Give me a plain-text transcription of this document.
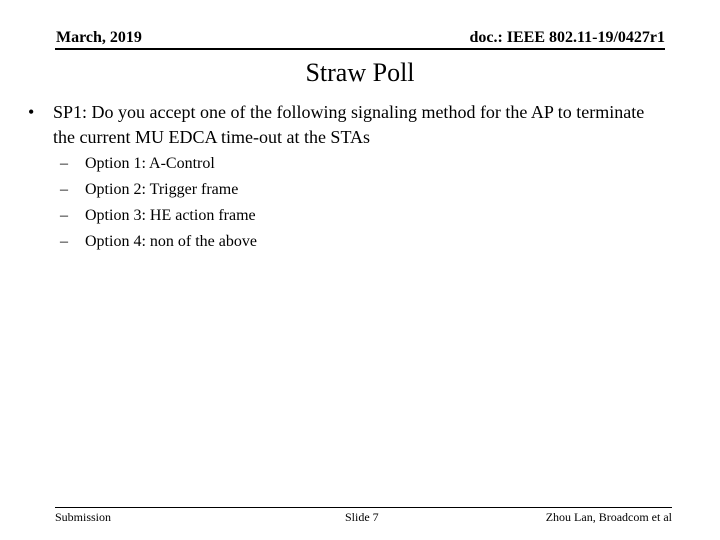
March, 2019	doc.: IEEE 802.11-19/0427r1
Straw Poll
• SP1: Do you accept one of the following signaling method for the AP to terminate the current MU EDCA time-out at the STAs
– Option 1: A-Control
– Option 2: Trigger frame
– Option 3: HE action frame
– Option 4: non of the above
Submission	Slide 7	Zhou Lan, Broadcom et al
